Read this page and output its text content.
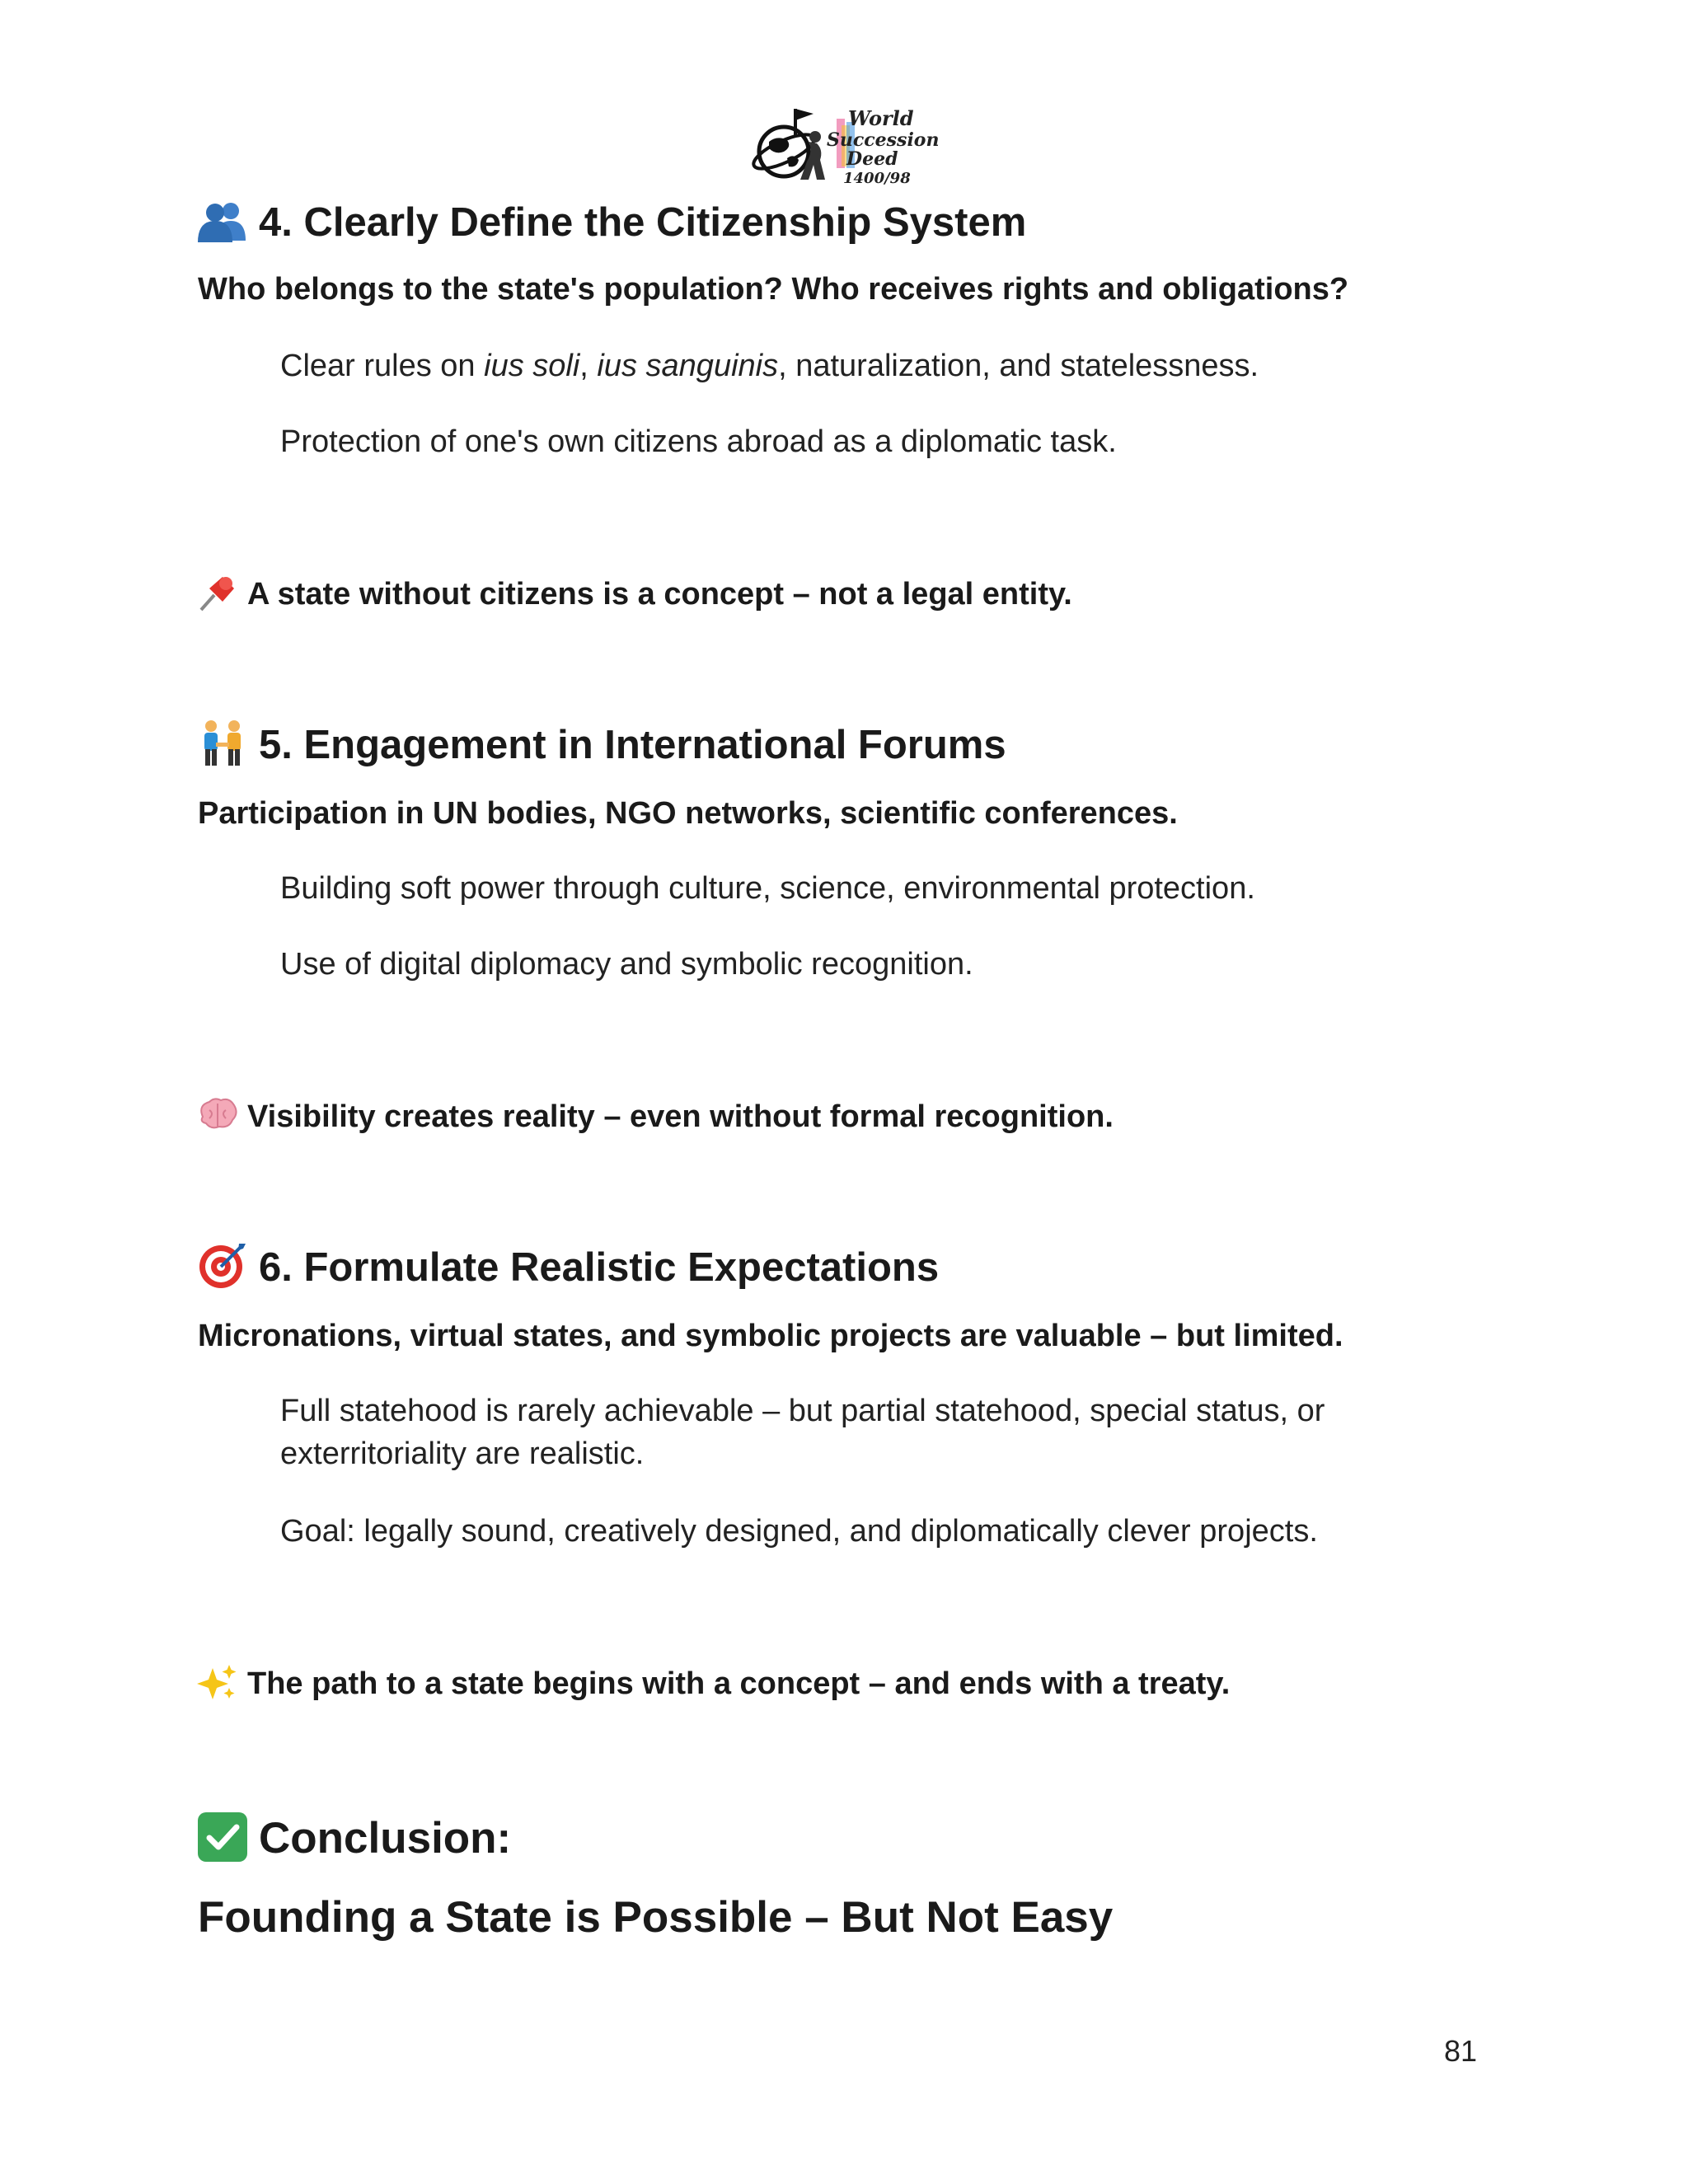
World
Succession
Deed
1400/98
4. Clearly Define the Citizenship System

Who belongs to the state's population? Who receives rights and obligations?

Clear rules on ius soli, ius sanguinis, naturalization, and statelessness.

Protection of one's own citizens abroad as a diplomatic task.

A state without citizens is a concept – not a legal entity.

5. Engagement in International Forums

Participation in UN bodies, NGO networks, scientific conferences.

Building soft power through culture, science, environmental protection.

Use of digital diplomacy and symbolic recognition.

Visibility creates reality – even without formal recognition.

6. Formulate Realistic Expectations

Micronations, virtual states, and symbolic projects are valuable – but limited.

Full statehood is rarely achievable – but partial statehood, special status, or exterritoriality are realistic.

Goal: legally sound, creatively designed, and diplomatically clever projects.

The path to a state begins with a concept – and ends with a treaty.

Conclusion:
Founding a State is Possible – But Not Easy
81
